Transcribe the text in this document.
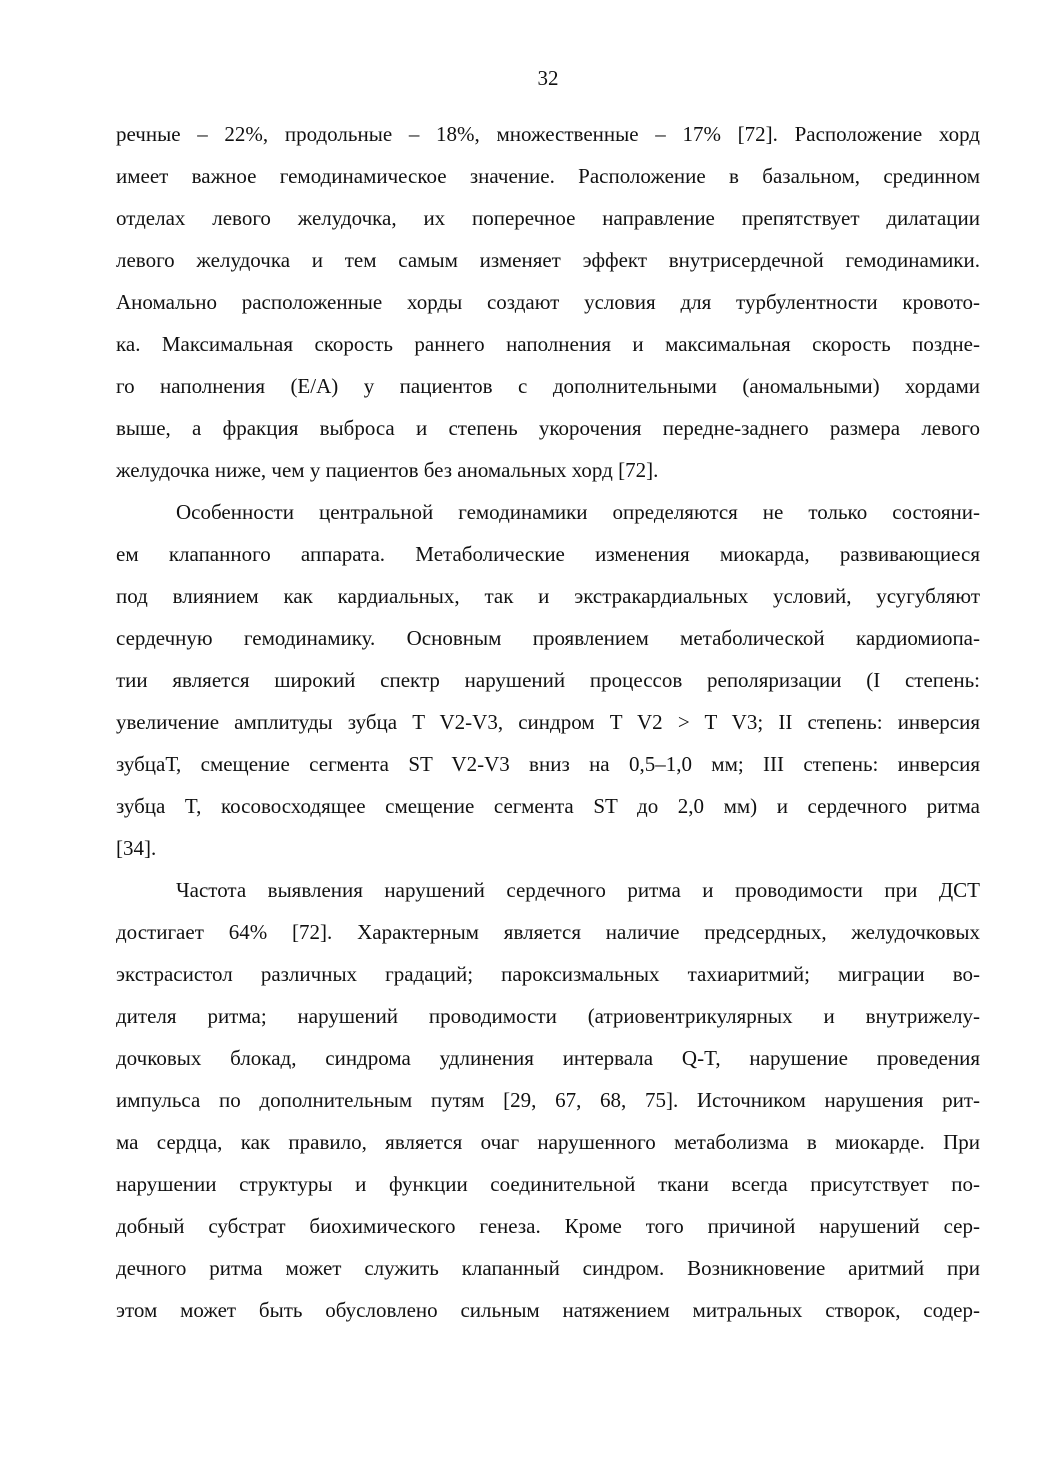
32
речные – 22%, продольные – 18%, множественные – 17% [72]. Расположение хорд
имеет важное гемодинамическое значение. Расположение в базальном, срединном
отделах левого желудочка, их поперечное направление препятствует дилатации
левого желудочка и тем самым изменяет эффект внутрисердечной гемодинамики.
Аномально расположенные хорды создают условия для турбулентности кровото-
ка. Максимальная скорость раннего наполнения и максимальная скорость поздне-
го наполнения (E/A) у пациентов с дополнительными (аномальными) хордами
выше, а фракция выброса и степень укорочения передне-заднего размера левого
желудочка ниже, чем у пациентов без аномальных хорд [72].
Особенности центральной гемодинамики определяются не только состояни-
ем клапанного аппарата. Метаболические изменения миокарда, развивающиеся
под влиянием как кардиальных, так и экстракардиальных условий, усугубляют
сердечную гемодинамику. Основным проявлением метаболической кардиомиопа-
тии является широкий спектр нарушений процессов реполяризации (I степень:
увеличение амплитуды зубца T V2-V3, синдром T V2 > T V3; II степень: инверсия
зубцаТ, смещение сегмента ST V2-V3 вниз на 0,5–1,0 мм; III степень: инверсия
зубца T, косовосходящее смещение сегмента ST до 2,0 мм) и сердечного ритма
[34].
Частота выявления нарушений сердечного ритма и проводимости при ДСТ
достигает 64% [72]. Характерным является наличие предсердных, желудочковых
экстрасистол различных градаций; пароксизмальных тахиаритмий; миграции во-
дителя ритма; нарушений проводимости (атриовентрикулярных и внутрижелу-
дочковых блокад, синдрома удлинения интервала Q-T, нарушение проведения
импульса по дополнительным путям [29, 67, 68, 75]. Источником нарушения рит-
ма сердца, как правило, является очаг нарушенного метаболизма в миокарде. При
нарушении структуры и функции соединительной ткани всегда присутствует по-
добный субстрат биохимического генеза. Кроме того причиной нарушений сер-
дечного ритма может служить клапанный синдром. Возникновение аритмий при
этом может быть обусловлено сильным натяжением митральных створок, содер-
